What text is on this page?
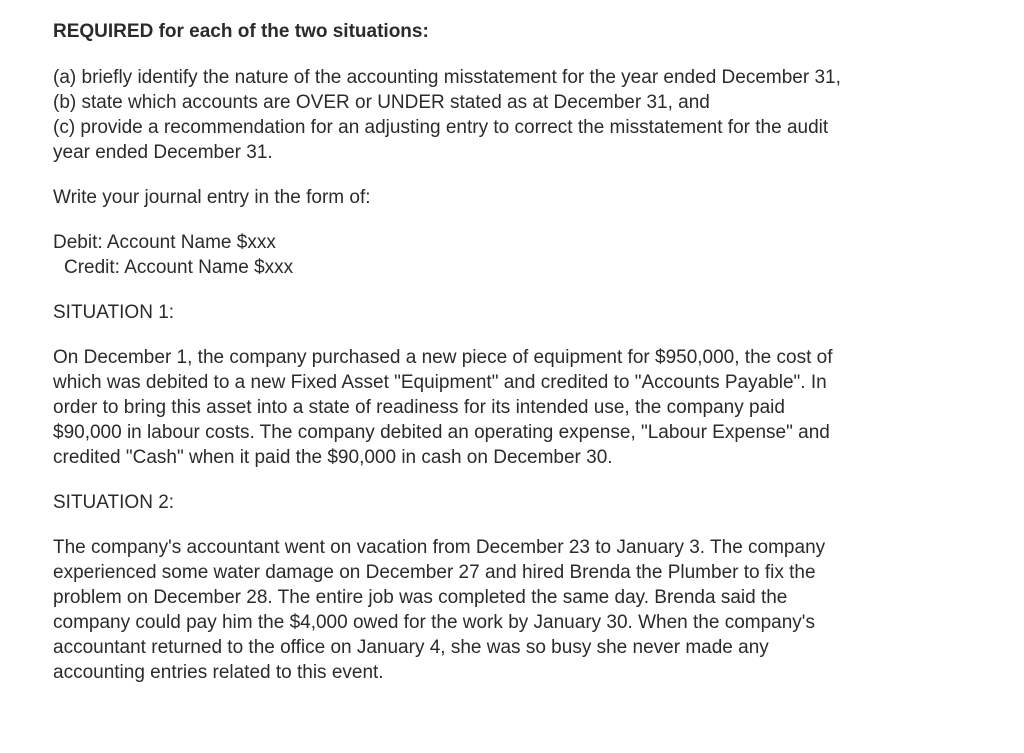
REQUIRED for each of the two situations:
(a) briefly identify the nature of the accounting misstatement for the year ended December 31,
(b) state which accounts are OVER or UNDER stated as at December 31, and
(c) provide a recommendation for an adjusting entry to correct the misstatement for the audit year ended December 31.
Write your journal entry in the form of:
Debit: Account Name $xxx
Credit: Account Name $xxx
SITUATION 1:
On December 1, the company purchased a new piece of equipment for $950,000, the cost of which was debited to a new Fixed Asset "Equipment" and credited to "Accounts Payable". In order to bring this asset into a state of readiness for its intended use, the company paid $90,000 in labour costs. The company debited an operating expense, "Labour Expense" and credited "Cash" when it paid the $90,000 in cash on December 30.
SITUATION 2:
The company's accountant went on vacation from December 23 to January 3. The company experienced some water damage on December 27 and hired Brenda the Plumber to fix the problem on December 28. The entire job was completed the same day. Brenda said the company could pay him the $4,000 owed for the work by January 30. When the company's accountant returned to the office on January 4, she was so busy she never made any accounting entries related to this event.
